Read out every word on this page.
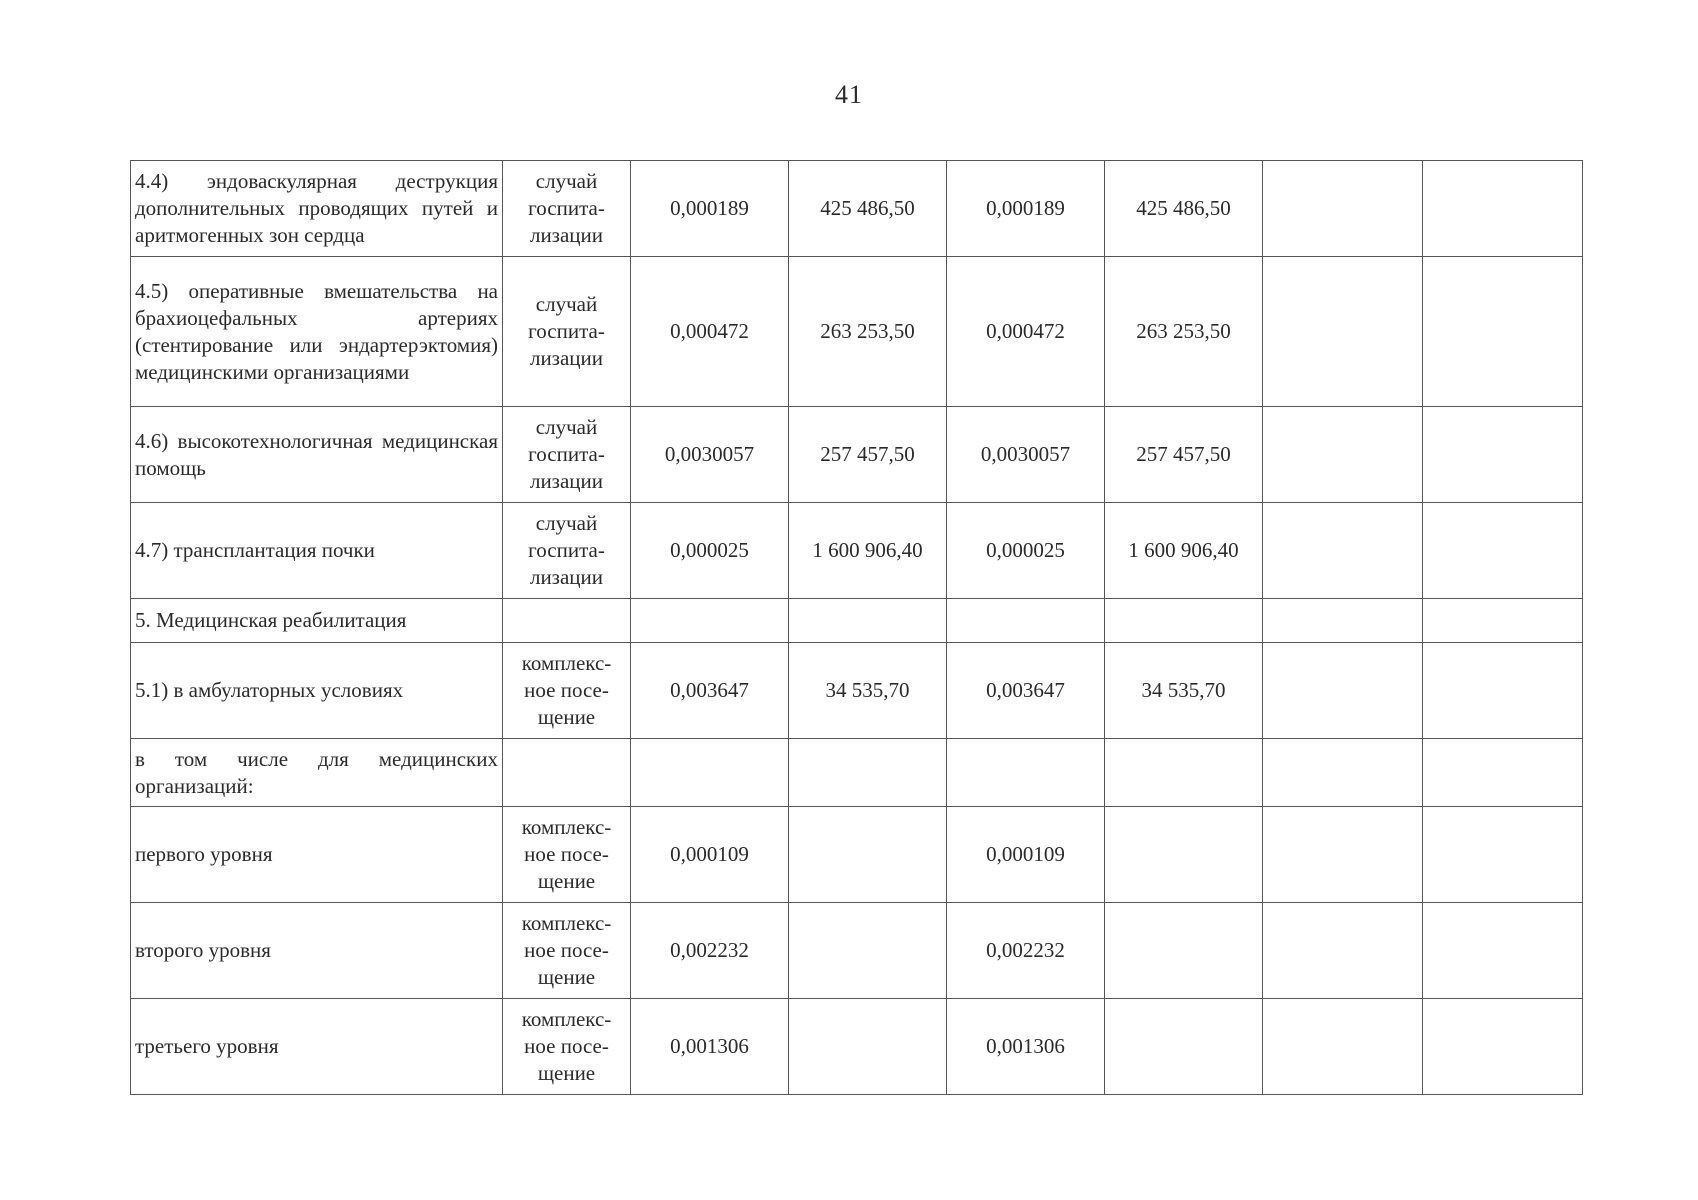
41
4.4) эндоваскулярная деструкция дополнительных проводящих путей и аритмогенных зон сердца	случай госпита-лизации	0,000189	425 486,50	0,000189	425 486,50		
4.5) оперативные вмешательства на брахиоцефальных артериях (стентирование или эндартерэктомия) медицинскими организациями	случай госпита-лизации	0,000472	263 253,50	0,000472	263 253,50		
4.6) высокотехнологичная медицинская помощь	случай госпита-лизации	0,0030057	257 457,50	0,0030057	257 457,50		
4.7) трансплантация почки	случай госпита-лизации	0,000025	1 600 906,40	0,000025	1 600 906,40		
5. Медицинская реабилитация							
5.1) в амбулаторных условиях	комплекс-ное посе-щение	0,003647	34 535,70	0,003647	34 535,70		
в том числе для медицинских организаций:							
первого уровня	комплекс-ное посе-щение	0,000109		0,000109			
второго уровня	комплекс-ное посе-щение	0,002232		0,002232			
третьего уровня	комплекс-ное посе-щение	0,001306		0,001306			
